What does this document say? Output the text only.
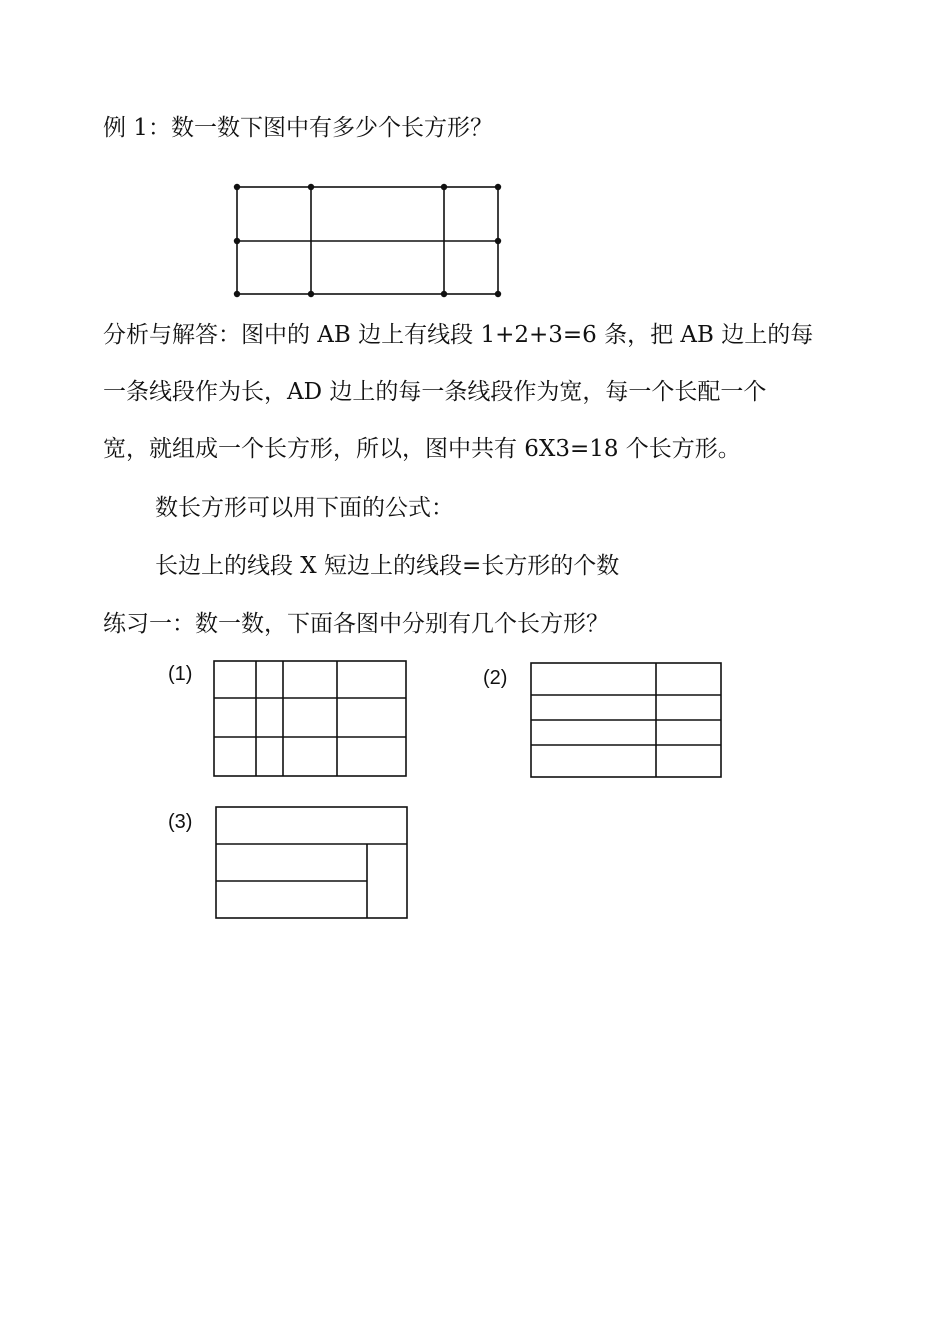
例 1：数一数下图中有多少个长方形？
分析与解答：图中的 AB 边上有线段 1+2+3=6 条，把 AB 边上的每
一条线段作为长，AD 边上的每一条线段作为宽，每一个长配一个
宽，就组成一个长方形，所以，图中共有 6X3=18 个长方形。
数长方形可以用下面的公式：
长边上的线段 X 短边上的线段=长方形的个数
练习一：数一数，下面各图中分别有几个长方形？
(1)	(2)
(3)
